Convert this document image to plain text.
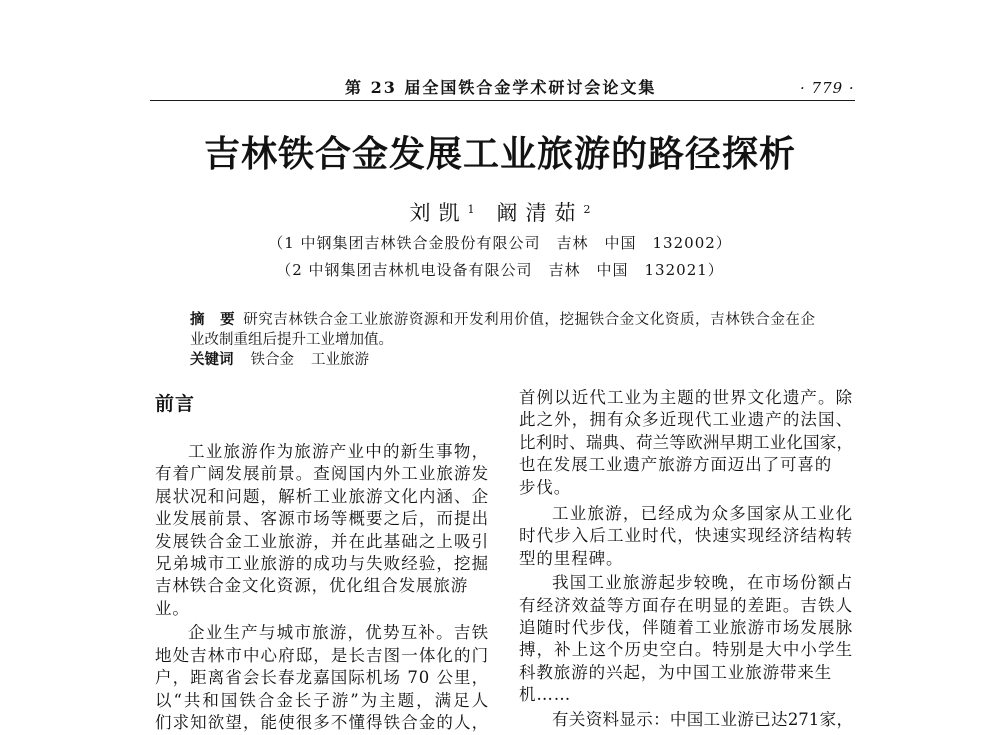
第 23 届全国铁合金学术研讨会论文集	· 779 ·
吉林铁合金发展工业旅游的路径探析
刘凯$^1$ 阚清茹$^2$
（1 中钢集团吉林铁合金股份有限公司　吉林　中国　132002）
（2 中钢集团吉林机电设备有限公司　吉林　中国　132021）
摘　要 研究吉林铁合金工业旅游资源和开发利用价值，挖掘铁合金文化资质，吉林铁合金在企
业改制重组后提升工业增加值。
关键词 铁合金 工业旅游
前言
工业旅游作为旅游产业中的新生事物，
有着广阔发展前景。查阅国内外工业旅游发
展状况和问题，解析工业旅游文化内涵、企
业发展前景、客源市场等概要之后，而提出
发展铁合金工业旅游，并在此基础之上吸引
兄弟城市工业旅游的成功与失败经验，挖掘
吉林铁合金文化资源，优化组合发展旅游
业。
企业生产与城市旅游，优势互补。吉铁
地处吉林市中心府邸，是长吉图一体化的门
户，距离省会长春龙嘉国际机场 70 公里，
以“共和国铁合金长子游”为主题，满足人
们求知欲望，能使很多不懂得铁合金的人，
首例以近代工业为主题的世界文化遗产。除
此之外，拥有众多近现代工业遗产的法国、
比利时、瑞典、荷兰等欧洲早期工业化国家，
也在发展工业遗产旅游方面迈出了可喜的
步伐。
工业旅游，已经成为众多国家从工业化
时代步入后工业时代，快速实现经济结构转
型的里程碑。
我国工业旅游起步较晚，在市场份额占
有经济效益等方面存在明显的差距。吉铁人
追随时代步伐，伴随着工业旅游市场发展脉
搏，补上这个历史空白。特别是大中小学生
科教旅游的兴起，为中国工业旅游带来生
机……
有关资料显示：中国工业游已达271家，
